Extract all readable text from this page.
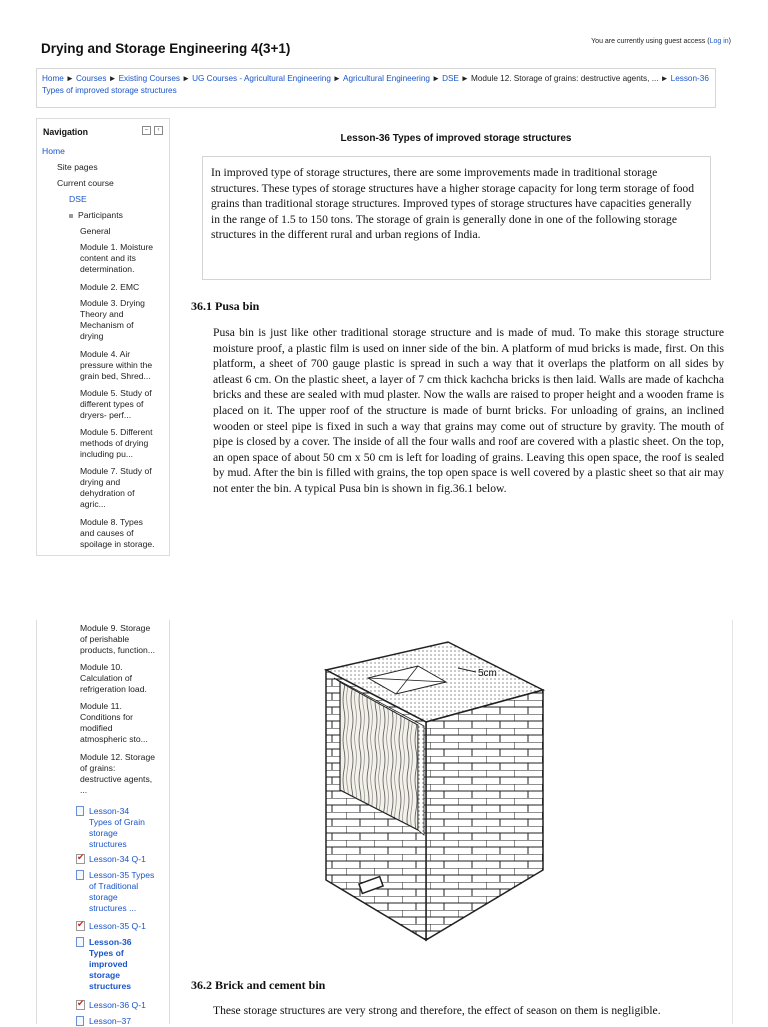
You are currently using guest access (Log in)
Drying and Storage Engineering 4(3+1)
Home ► Courses ► Existing Courses ► UG Courses - Agricultural Engineering ► Agricultural Engineering ► DSE ► Module 12. Storage of grains: destructive agents, ... ► Lesson-36 Types of improved storage structures
Navigation	–	‹
Home
Site pages
Current course
DSE
Participants
General
Module 1. Moisture
content and its
determination.
Module 2. EMC
Module 3. Drying
Theory and
Mechanism of
drying
Module 4. Air
pressure within the
grain bed, Shred...
Module 5. Study of
different types of
dryers- perf...
Module 5. Different
methods of drying
including pu...
Module 7. Study of
drying and
dehydration of
agric...
Module 8. Types
and causes of
spoilage in storage.
Module 9. Storage
of perishable
products, function...
Module 10.
Calculation of
refrigeration load.
Module 11.
Conditions for
modified
atmospheric sto...
Module 12. Storage
of grains:
destructive agents,
...
Lesson-34
Types of Grain
storage
structures
✔
Lesson-34 Q-1
Lesson-35 Types
of Traditional
storage
structures ...
✔
Lesson-35 Q-1
Lesson-36
Types of
improved
storage
structures
✔
Lesson-36 Q-1
Lesson–37
Lesson-36 Types of improved storage structures
In improved type of storage structures, there are some improvements made in traditional storage structures. These types of storage structures have a higher storage capacity for long term storage of food grains than traditional storage structures. Improved types of storage structures have capacities generally in the range of 1.5 to 150 tons. The storage of grain is generally done in one of the following storage structures in the different rural and urban regions of India.
36.1 Pusa bin
Pusa bin is just like other traditional storage structure and is made of mud. To make this storage structure moisture proof, a plastic film is used on inner side of the bin. A platform of mud bricks is made, first. On this platform, a sheet of 700 gauge plastic is spread in such a way that it overlaps the platform on all sides by atleast 6 cm. On the plastic sheet, a layer of 7 cm thick kachcha bricks is then laid. Walls are made of kachcha bricks and these are sealed with mud plaster. Now the walls are raised to proper height and a wooden frame is placed on it. The upper roof of the structure is made of burnt bricks. For unloading of grains, an inclined wooden or steel pipe is fixed in such a way that grains may come out of structure by gravity. The mouth of pipe is closed by a cover. The inside of all the four walls and roof are covered with a plastic sheet. On the top, an open space of about 50 cm x 50 cm is left for loading of grains. Leaving this open space, the roof is sealed by mud. After the bin is filled with grains, the top open space is well covered by a plastic sheet so that air may not enter the bin. A typical Pusa bin is shown in fig.36.1 below.
5cm
36.2 Brick and cement bin
These storage structures are very strong and therefore, the effect of season on them is negligible.
